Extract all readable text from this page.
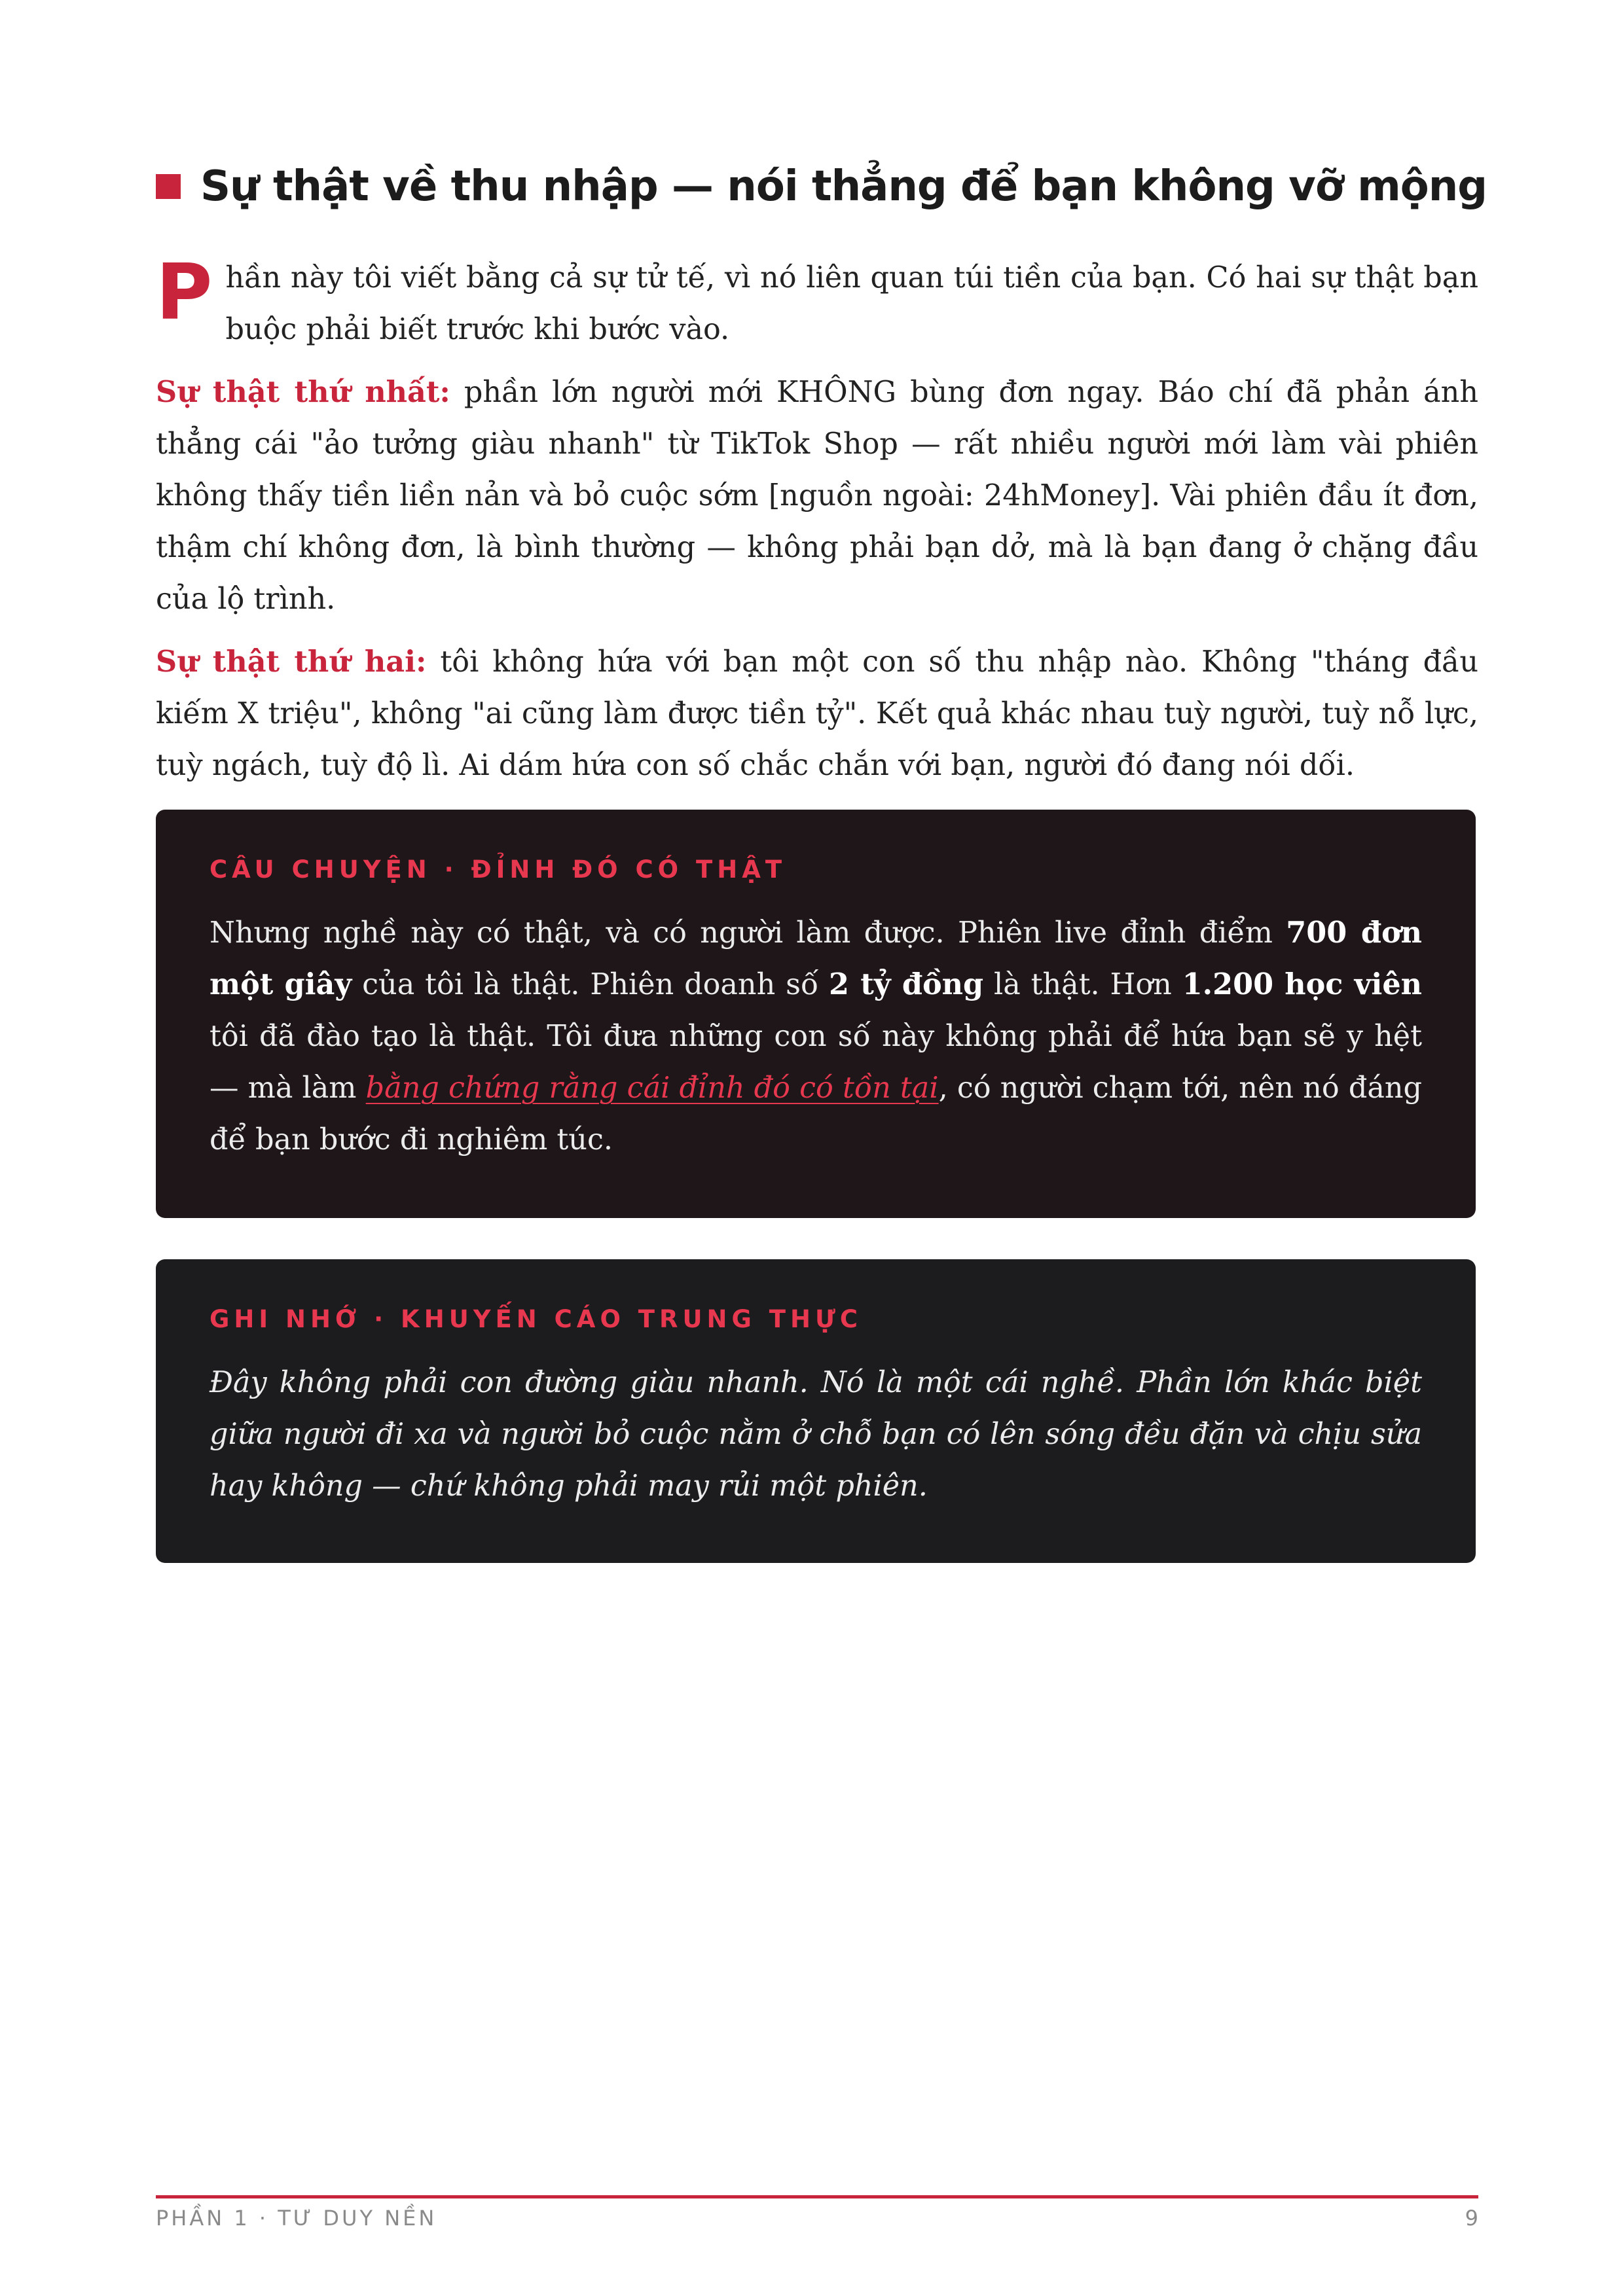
Sự thật về thu nhập — nói thẳng để bạn không vỡ mộng

Phần này tôi viết bằng cả sự tử tế, vì nó liên quan túi tiền của bạn. Có hai sự thật bạn buộc phải biết trước khi bước vào.

Sự thật thứ nhất: phần lớn người mới KHÔNG bùng đơn ngay. Báo chí đã phản ánh thẳng cái "ảo tưởng giàu nhanh" từ TikTok Shop — rất nhiều người mới làm vài phiên không thấy tiền liền nản và bỏ cuộc sớm [nguồn ngoài: 24hMoney]. Vài phiên đầu ít đơn, thậm chí không đơn, là bình thường — không phải bạn dở, mà là bạn đang ở chặng đầu của lộ trình.

Sự thật thứ hai: tôi không hứa với bạn một con số thu nhập nào. Không "tháng đầu kiếm X triệu", không "ai cũng làm được tiền tỷ". Kết quả khác nhau tuỳ người, tuỳ nỗ lực, tuỳ ngách, tuỳ độ lì. Ai dám hứa con số chắc chắn với bạn, người đó đang nói dối.

CÂU CHUYỆN · ĐỈNH ĐÓ CÓ THẬT
Nhưng nghề này có thật, và có người làm được. Phiên live đỉnh điểm 700 đơn một giây của tôi là thật. Phiên doanh số 2 tỷ đồng là thật. Hơn 1.200 học viên tôi đã đào tạo là thật. Tôi đưa những con số này không phải để hứa bạn sẽ y hệt — mà làm bằng chứng rằng cái đỉnh đó có tồn tại, có người chạm tới, nên nó đáng để bạn bước đi nghiêm túc.
GHI NHỚ · KHUYẾN CÁO TRUNG THỰC
Đây không phải con đường giàu nhanh. Nó là một cái nghề. Phần lớn khác biệt giữa người đi xa và người bỏ cuộc nằm ở chỗ bạn có lên sóng đều đặn và chịu sửa hay không — chứ không phải may rủi một phiên.
PHẦN 1 · TƯ DUY NỀN	9
